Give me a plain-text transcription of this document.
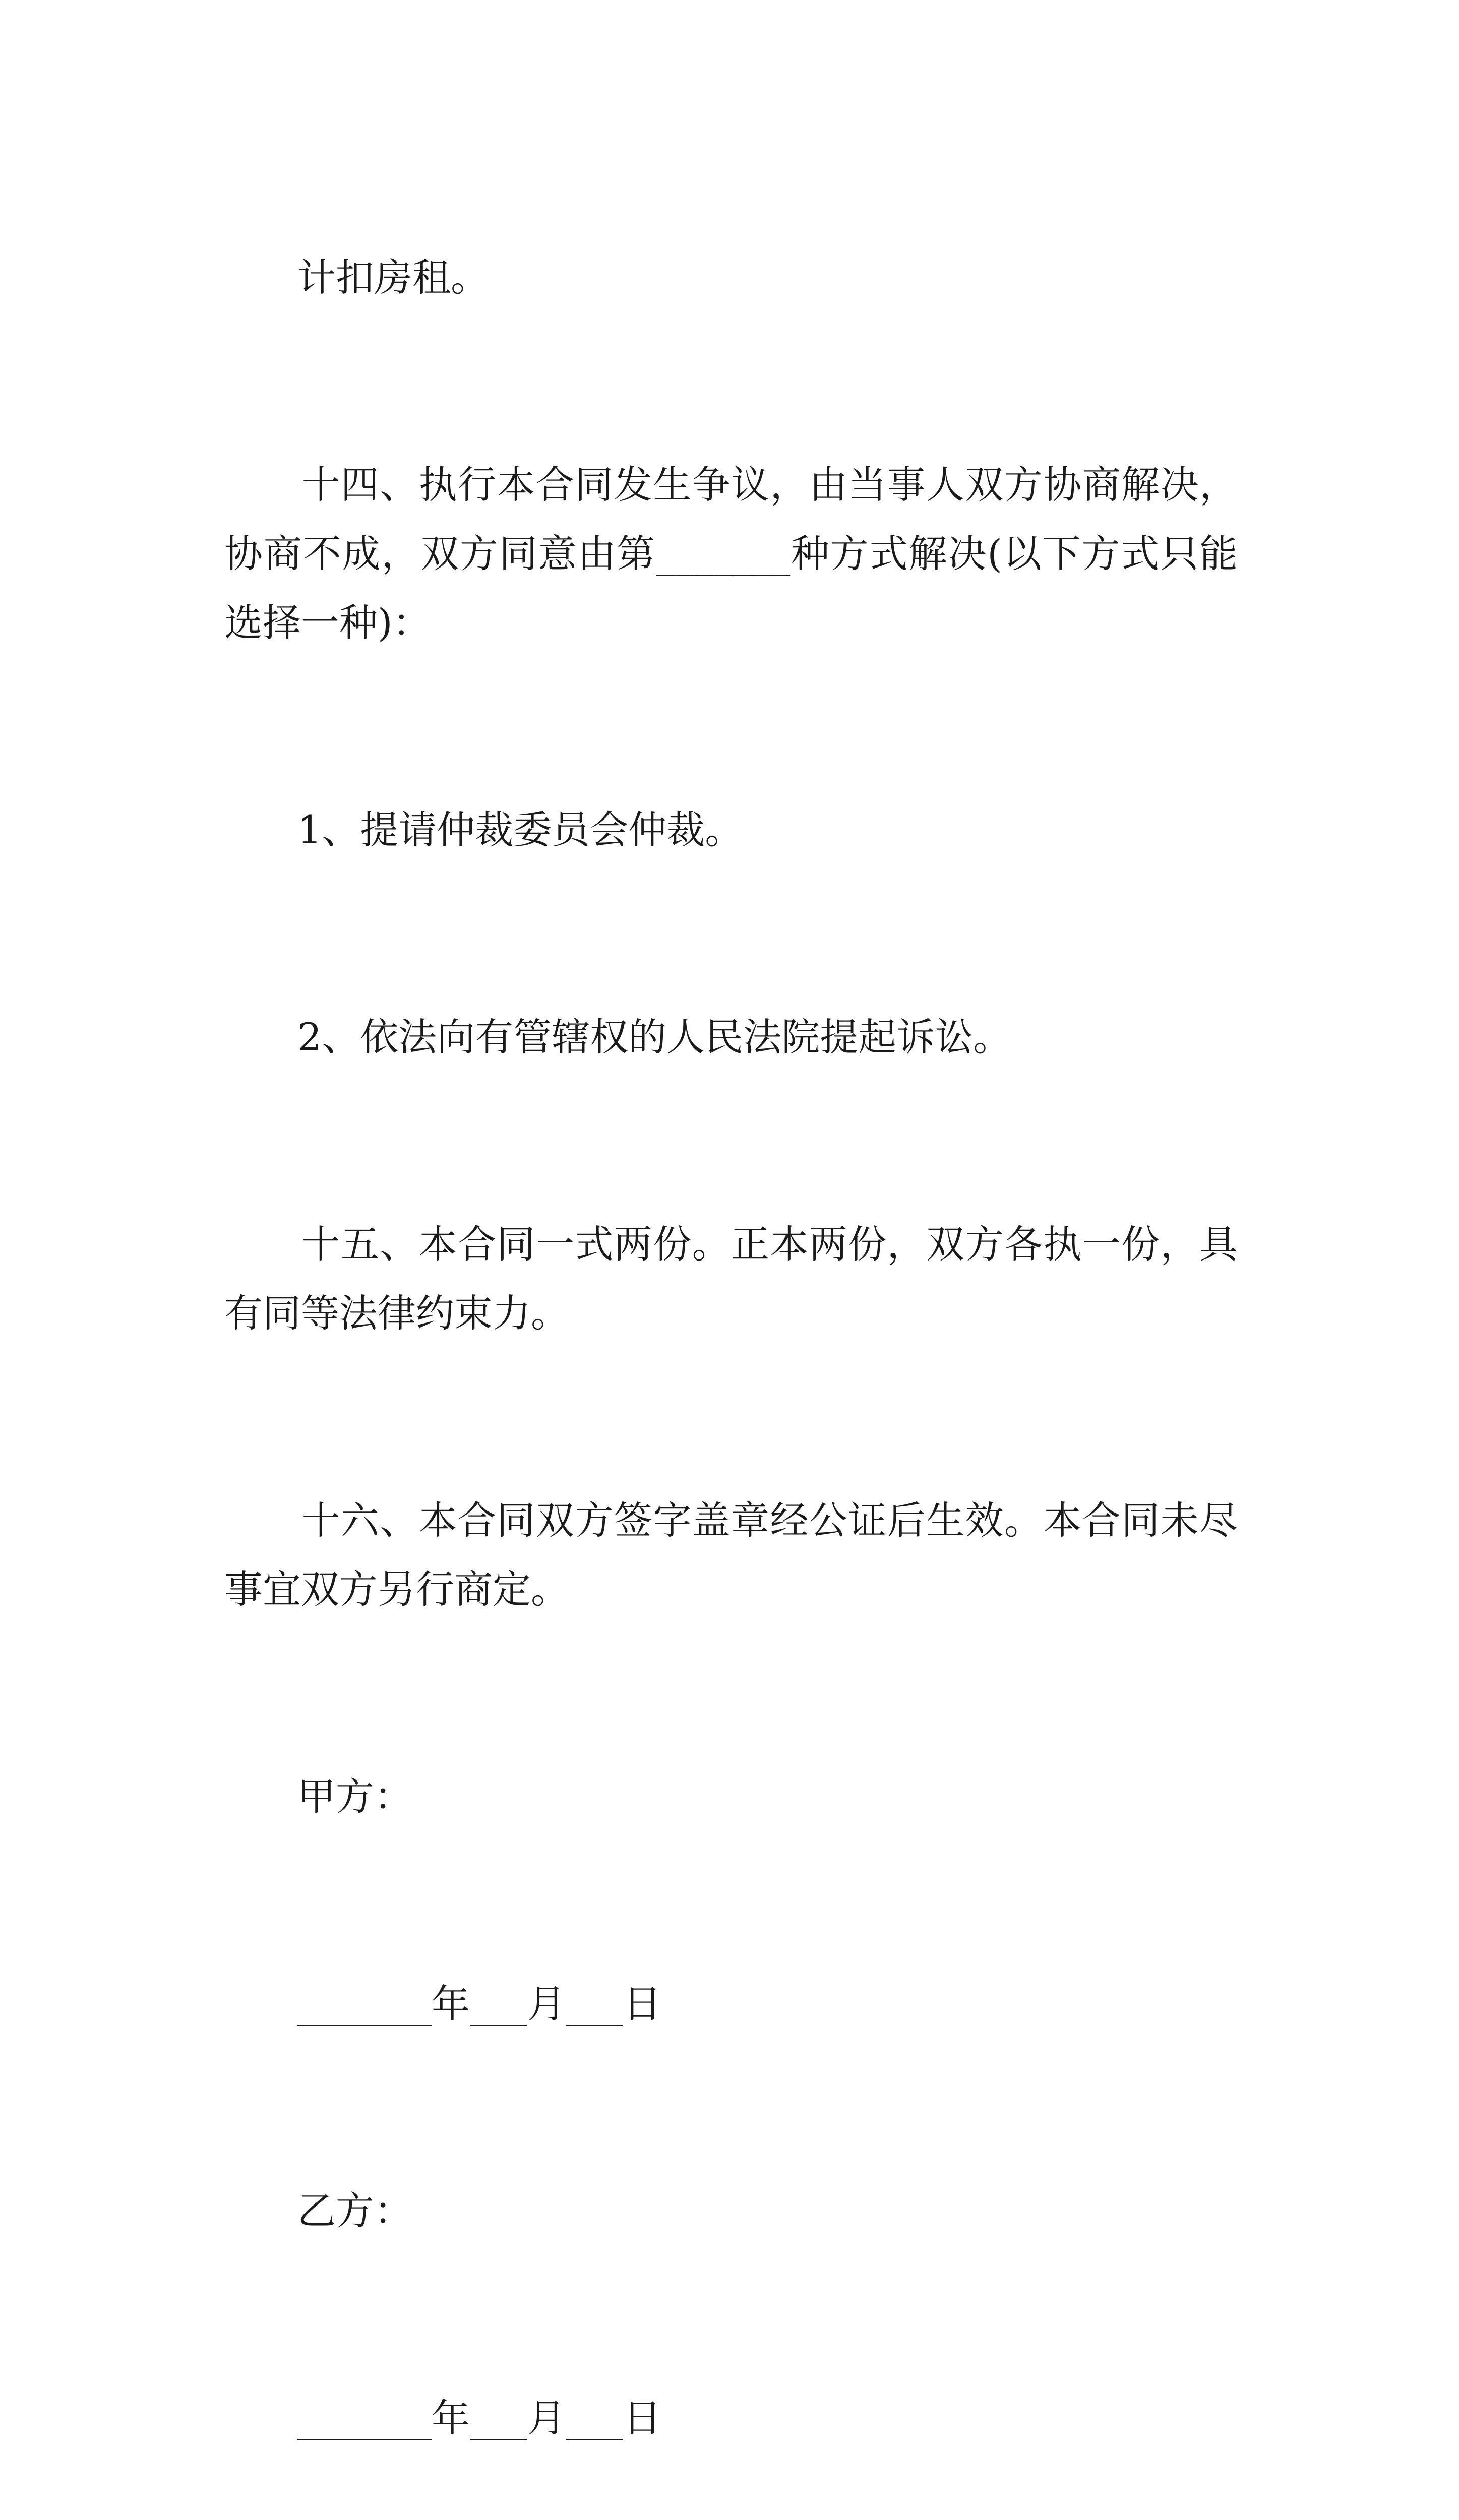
计扣房租。

十四、执行本合同发生争议，由当事人双方协商解决，协商不成，双方同意由第_______种方式解决(以下方式只能选择一种)：

1、提请仲裁委员会仲裁。

2、依法向有管辖权的人民法院提起诉讼。

十五、本合同一式两份。正本两份，双方各执一份，具有同等法律约束力。

十六、本合同双方签字盖章经公证后生效。本合同未尽事宜双方另行商定。

甲方：

_______年___月___日

乙方：

_______年___月___日
